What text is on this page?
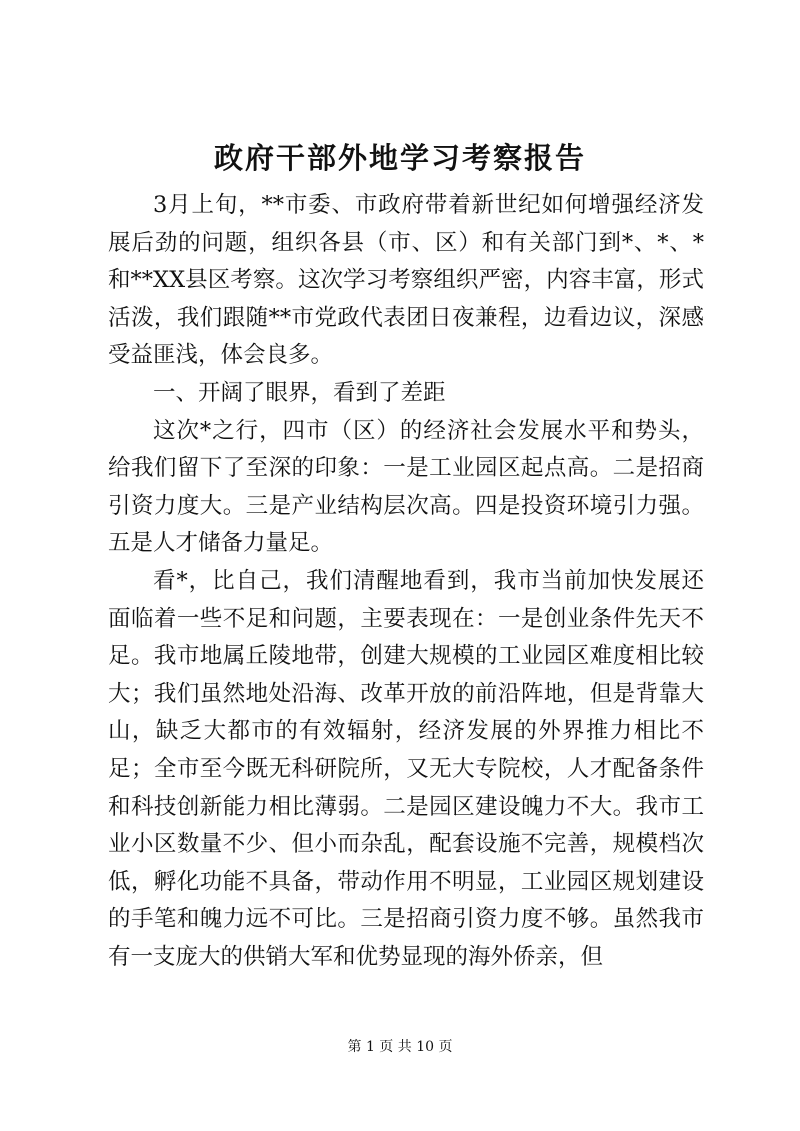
政府干部外地学习考察报告

3月上旬，**市委、市政府带着新世纪如何增强经济发展后劲的问题，组织各县（市、区）和有关部门到*、*、*和**XX县区考察。这次学习考察组织严密，内容丰富，形式活泼，我们跟随**市党政代表团日夜兼程，边看边议，深感受益匪浅，体会良多。

一、开阔了眼界，看到了差距

这次*之行，四市（区）的经济社会发展水平和势头，给我们留下了至深的印象：一是工业园区起点高。二是招商引资力度大。三是产业结构层次高。四是投资环境引力强。五是人才储备力量足。

看*，比自己，我们清醒地看到，我市当前加快发展还面临着一些不足和问题，主要表现在：一是创业条件先天不足。我市地属丘陵地带，创建大规模的工业园区难度相比较大；我们虽然地处沿海、改革开放的前沿阵地，但是背靠大山，缺乏大都市的有效辐射，经济发展的外界推力相比不足；全市至今既无科研院所，又无大专院校，人才配备条件和科技创新能力相比薄弱。二是园区建设魄力不大。我市工业小区数量不少、但小而杂乱，配套设施不完善，规模档次低，孵化功能不具备，带动作用不明显，工业园区规划建设的手笔和魄力远不可比。三是招商引资力度不够。虽然我市有一支庞大的供销大军和优势显现的海外侨亲，但

第 1 页 共 10 页
